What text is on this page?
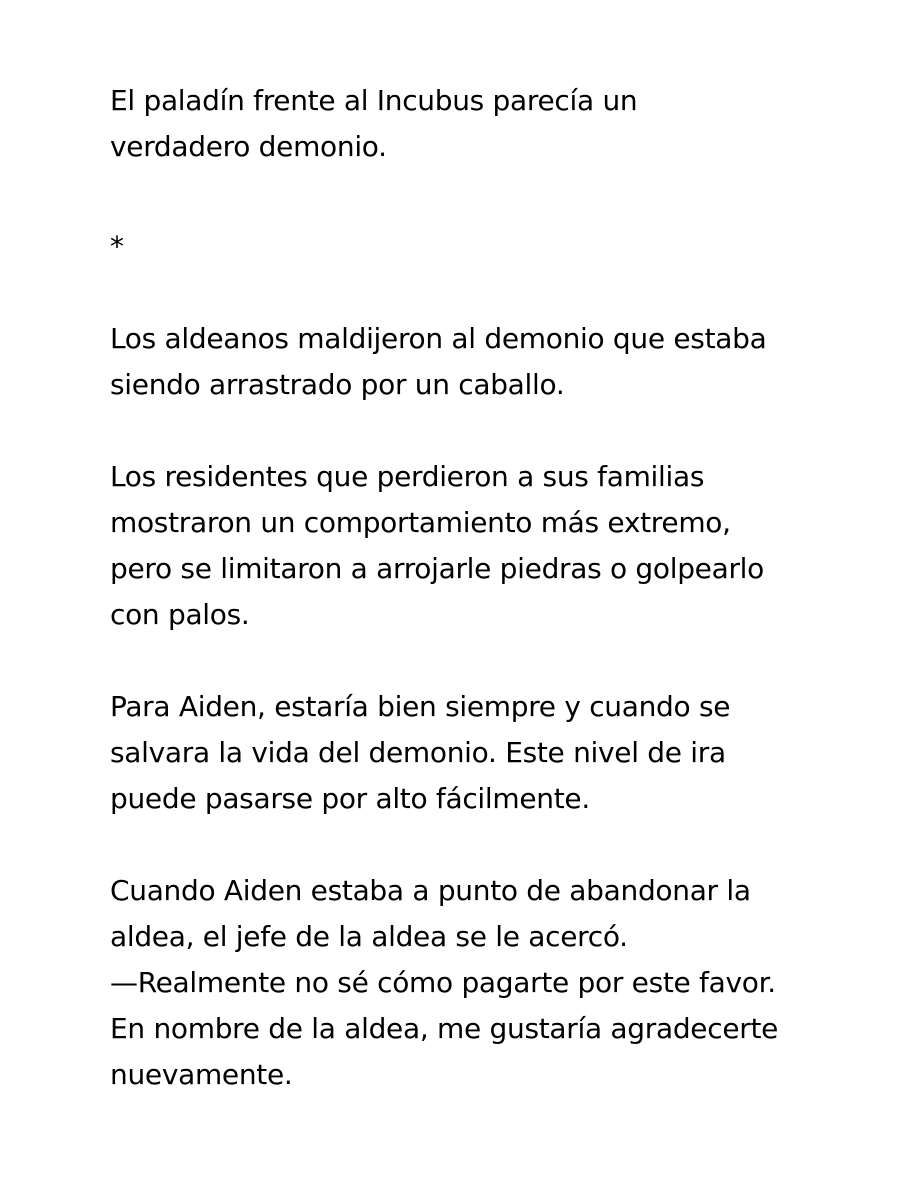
El paladín frente al Incubus parecía un
verdadero demonio.
*
Los aldeanos maldijeron al demonio que estaba
siendo arrastrado por un caballo.
Los residentes que perdieron a sus familias
mostraron un comportamiento más extremo,
pero se limitaron a arrojarle piedras o golpearlo
con palos.
Para Aiden, estaría bien siempre y cuando se
salvara la vida del demonio. Este nivel de ira
puede pasarse por alto fácilmente.
Cuando Aiden estaba a punto de abandonar la
aldea, el jefe de la aldea se le acercó.
—Realmente no sé cómo pagarte por este favor.
En nombre de la aldea, me gustaría agradecerte
nuevamente.
